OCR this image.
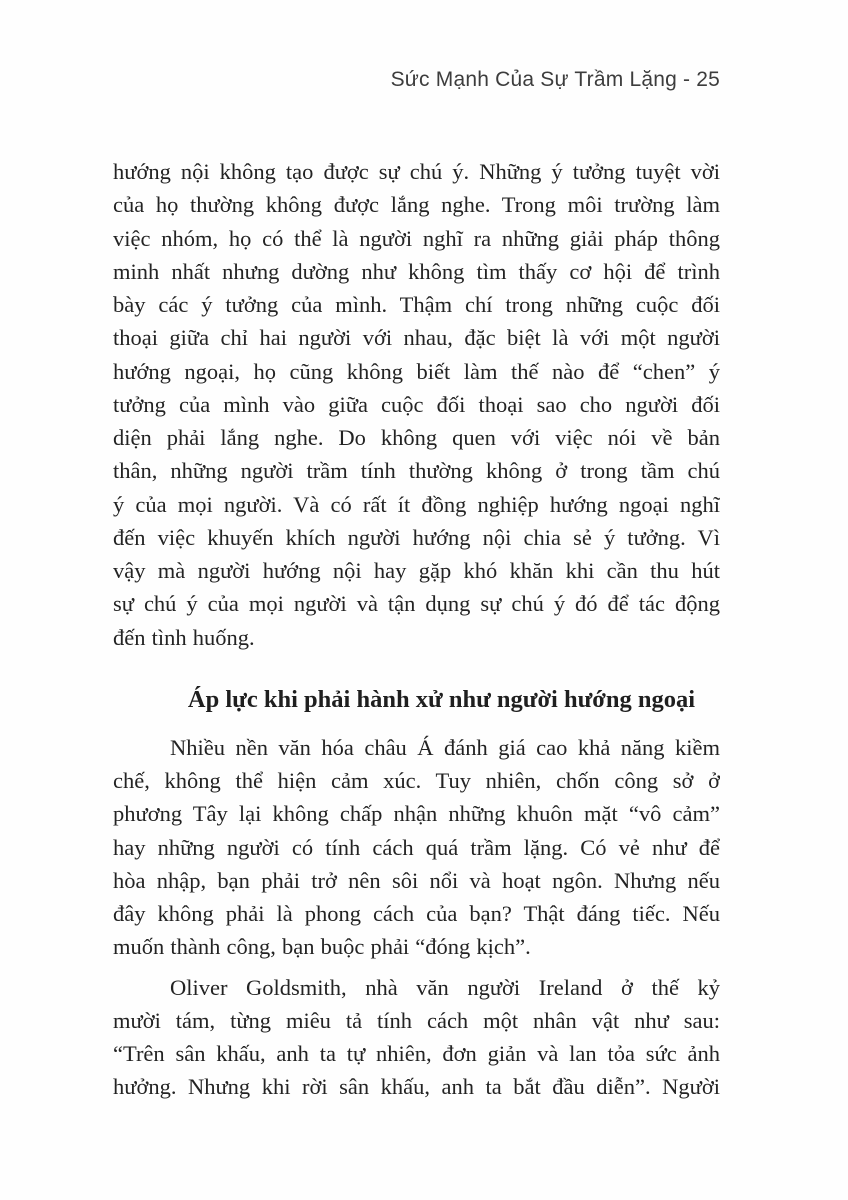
Sức Mạnh Của Sự Trầm Lặng - 25
hướng nội không tạo được sự chú ý. Những ý tưởng tuyệt vời
của họ thường không được lắng nghe. Trong môi trường làm
việc nhóm, họ có thể là người nghĩ ra những giải pháp thông
minh nhất nhưng dường như không tìm thấy cơ hội để trình
bày các ý tưởng của mình. Thậm chí trong những cuộc đối
thoại giữa chỉ hai người với nhau, đặc biệt là với một người
hướng ngoại, họ cũng không biết làm thế nào để “chen” ý
tưởng của mình vào giữa cuộc đối thoại sao cho người đối
diện phải lắng nghe. Do không quen với việc nói về bản
thân, những người trầm tính thường không ở trong tầm chú
ý của mọi người. Và có rất ít đồng nghiệp hướng ngoại nghĩ
đến việc khuyến khích người hướng nội chia sẻ ý tưởng. Vì
vậy mà người hướng nội hay gặp khó khăn khi cần thu hút
sự chú ý của mọi người và tận dụng sự chú ý đó để tác động
đến tình huống.
Áp lực khi phải hành xử như người hướng ngoại
Nhiều nền văn hóa châu Á đánh giá cao khả năng kiềm
chế, không thể hiện cảm xúc. Tuy nhiên, chốn công sở ở
phương Tây lại không chấp nhận những khuôn mặt “vô cảm”
hay những người có tính cách quá trầm lặng. Có vẻ như để
hòa nhập, bạn phải trở nên sôi nổi và hoạt ngôn. Nhưng nếu
đây không phải là phong cách của bạn? Thật đáng tiếc. Nếu
muốn thành công, bạn buộc phải “đóng kịch”.
Oliver Goldsmith, nhà văn người Ireland ở thế kỷ
mười tám, từng miêu tả tính cách một nhân vật như sau:
“Trên sân khấu, anh ta tự nhiên, đơn giản và lan tỏa sức ảnh
hưởng. Nhưng khi rời sân khấu, anh ta bắt đầu diễn”. Người
